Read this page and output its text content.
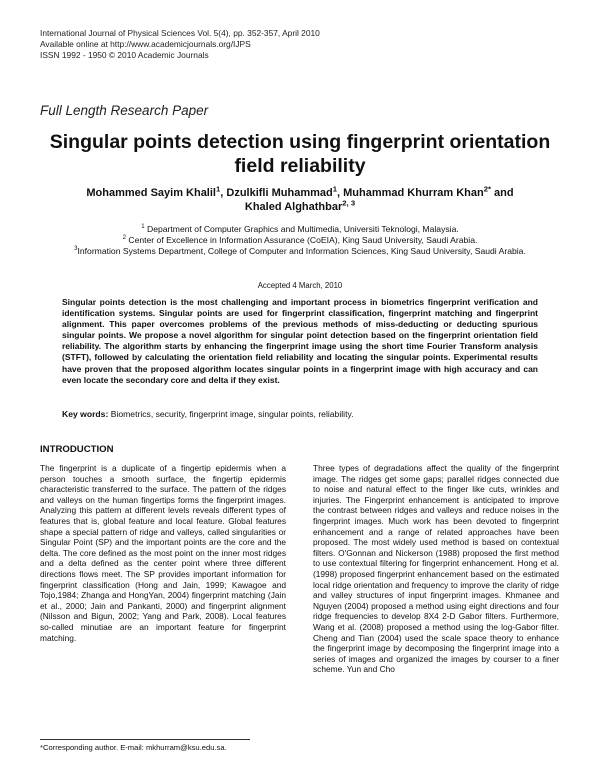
International Journal of Physical Sciences Vol. 5(4), pp. 352-357, April 2010
Available online at http://www.academicjournals.org/IJPS
ISSN 1992 - 1950 © 2010 Academic Journals
Full Length Research Paper
Singular points detection using fingerprint orientation field reliability
Mohammed Sayim Khalil$^1$, Dzulkifli Muhammad$^1$, Muhammad Khurram Khan$^{2*}$ and Khaled Alghathbar$^{2, 3}$
$^1$ Department of Computer Graphics and Multimedia, Universiti Teknologi, Malaysia.
$^2$ Center of Excellence in Information Assurance (CoEIA), King Saud University, Saudi Arabia.
$^3$Information Systems Department, College of Computer and Information Sciences, King Saud University, Saudi Arabia.
Accepted 4 March, 2010
Singular points detection is the most challenging and important process in biometrics fingerprint verification and identification systems. Singular points are used for fingerprint classification, fingerprint matching and fingerprint alignment. This paper overcomes problems of the previous methods of miss-deducting or deducting spurious singular points. We propose a novel algorithm for singular point detection based on the fingerprint orientation field reliability. The algorithm starts by enhancing the fingerprint image using the short time Fourier Transform analysis (STFT), followed by calculating the orientation field reliability and locating the singular points. Experimental results have proven that the proposed algorithm locates singular points in a fingerprint image with high accuracy and can even locate the secondary core and delta if they exist.
Key words: Biometrics, security, fingerprint image, singular points, reliability.
INTRODUCTION
The fingerprint is a duplicate of a fingertip epidermis when a person touches a smooth surface, the fingertip epidermis characteristic transferred to the surface. The pattern of the ridges and valleys on the human fingertips forms the fingerprint images. Analyzing this pattern at different levels reveals different types of features that is, global feature and local feature. Global features shape a special pattern of ridge and valleys, called singularities or Singular Point (SP) and the important points are the core and the delta. The core defined as the most point on the inner most ridges and a delta defined as the center point where three different directions flows meet. The SP provides important information for fingerprint classification (Hong and Jain, 1999; Kawagoe and Tojo,1984; Zhanga and HongYan, 2004) fingerprint matching (Jain et al., 2000; Jain and Pankanti, 2000) and fingerprint alignment (Nilsson and Bigun, 2002; Yang and Park, 2008). Local features so-called minutiae are an important feature for fingerprint matching.
Three types of degradations affect the quality of the fingerprint image. The ridges get some gaps; parallel ridges connected due to noise and natural effect to the finger like cuts, wrinkles and injuries. The Fingerprint enhancement is anticipated to improve the contrast between ridges and valleys and reduce noises in the fingerprint images. Much work has been devoted to fingerprint enhancement and a range of related approaches have been proposed. The most widely used method is based on contextual filters. O'Gonnan and Nickerson (1988) proposed the first method to use contextual filtering for fingerprint enhancement. Hong et al. (1998) proposed fingerprint enhancement based on the estimated local ridge orientation and frequency to improve the clarity of ridge and valley structures of input fingerprint images. Khmanee and Nguyen (2004) proposed a method using eight directions and four ridge frequencies to develop 8X4 2-D Gabor filters. Furthermore, Wang et al. (2008) proposed a method using the log-Gabor filter. Cheng and Tian (2004) used the scale space theory to enhance the fingerprint image by decomposing the fingerprint image into a series of images and organized the images by courser to a finer scheme. Yun and Cho
*Corresponding author. E-mail: mkhurram@ksu.edu.sa.
